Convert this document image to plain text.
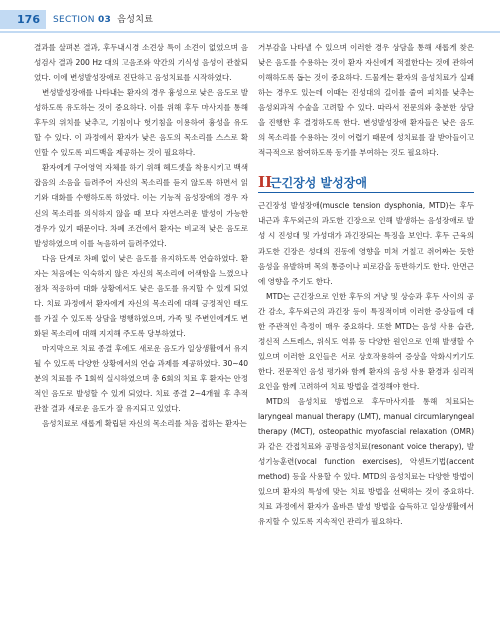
176	SECTION 03 음성치료

결과를 살펴본 결과, 후두내시경 소견상 특이 소견이 없었으며 음성검사 결과 200 Hz 대의 고음조와 약간의 기식성 음성이 관찰되었다. 이에 변성발성장애로 진단하고 음성치료를 시작하였다.

변성발성장애를 나타내는 환자의 경우 흉성으로 낮은 음도로 발성하도록 유도하는 것이 중요하다. 이를 위해 후두 마사지를 통해 후두의 위치를 낮추고, 기침이나 헛기침을 이용하여 흉성을 유도할 수 있다. 이 과정에서 환자가 낮은 음도의 목소리를 스스로 확인할 수 있도록 피드백을 제공하는 것이 필요하다.

환자에게 구어영역 자체를 하기 위해 헤드셋을 착용시키고 백색잡음의 소음을 들려주어 자신의 목소리를 듣지 않도록 하면서 읽기와 대화를 수행하도록 하였다. 이는 기능적 음성장애의 경우 자신의 목소리를 의식하지 않을 때 보다 자연스러운 발성이 가능한 경우가 있기 때문이다. 차폐 조건에서 환자는 비교적 낮은 음도로 발성하였으며 이를 녹음하여 들려주었다.

다음 단계로 차폐 없이 낮은 음도를 유지하도록 연습하였다. 환자는 처음에는 익숙하지 않은 자신의 목소리에 어색함을 느꼈으나 점차 적응하여 대화 상황에서도 낮은 음도를 유지할 수 있게 되었다. 치료 과정에서 환자에게 자신의 목소리에 대해 긍정적인 태도를 가질 수 있도록 상담을 병행하였으며, 가족 및 주변인에게도 변화된 목소리에 대해 지지해 주도록 당부하였다.

마지막으로 치료 종결 후에도 새로운 음도가 일상생활에서 유지될 수 있도록 다양한 상황에서의 연습 과제를 제공하였다. 30~40분의 치료를 주 1회씩 실시하였으며 총 6회의 치료 후 환자는 안정적인 음도로 발성할 수 있게 되었다. 치료 종결 2~4개월 후 추적 관찰 결과 새로운 음도가 잘 유지되고 있었다.

음성치료로 새롭게 확립된 자신의 목소리를 처음 접하는 환자는

거부감을 나타낼 수 있으며 이러한 경우 상담을 통해 새롭게 찾은 낮은 음도를 수용하는 것이 환자 자신에게 적절한다는 것에 관하여 이해하도록 돕는 것이 중요하다. 드물게는 환자의 음성치료가 실패하는 경우도 있는데 이때는 진성대의 길이를 줄여 피치를 낮추는 음성외과적 수술을 고려할 수 있다. 따라서 전문의와 충분한 상담을 진행한 후 결정하도록 한다. 변성발성장애 환자들은 낮은 음도의 목소리를 수용하는 것이 어렵기 때문에 성치료를 잘 받아들이고 적극적으로 참여하도록 동기를 부여하는 것도 필요하다.

II
근긴장성 발성장애

근긴장성 발성장애(muscle tension dysphonia, MTD)는 후두내근과 후두외근의 과도한 긴장으로 인해 발생하는 음성장애로 발성 시 진성대 및 가성대가 과긴장되는 특징을 보인다. 후두 근육의 과도한 긴장은 성대의 진동에 영향을 미쳐 거칠고 쥐어짜는 듯한 음성을 유발하며 목의 통증이나 피로감을 동반하기도 한다. 안면근에 영향을 주기도 한다.

MTD는 근긴장으로 인한 후두의 겨냥 및 상승과 후두 사이의 공간 감소, 후두외근의 과긴장 등이 특징적이며 이러한 증상들에 대한 주관적인 측정이 매우 중요하다. 또한 MTD는 음성 사용 습관, 정신적 스트레스, 위식도 역류 등 다양한 원인으로 인해 발생할 수 있으며 이러한 요인들은 서로 상호작용하여 증상을 악화시키기도 한다. 전문적인 음성 평가와 함께 환자의 음성 사용 환경과 심리적 요인을 함께 고려하여 치료 방법을 결정해야 한다.

MTD의 음성치료 방법으로 후두마사지를 통해 치료되는 laryngeal manual therapy (LMT), manual circumlaryngeal therapy (MCT), osteopathic myofascial relaxation (OMR)과 같은 간접치료와 공명음성치료(resonant voice therapy), 발성기능훈련(vocal function exercises), 악센트기법(accent method) 등을 사용할 수 있다. MTD의 음성치료는 다양한 방법이 있으며 환자의 특성에 맞는 치료 방법을 선택하는 것이 중요하다. 치료 과정에서 환자가 올바른 발성 방법을 습득하고 일상생활에서 유지할 수 있도록 지속적인 관리가 필요하다.
